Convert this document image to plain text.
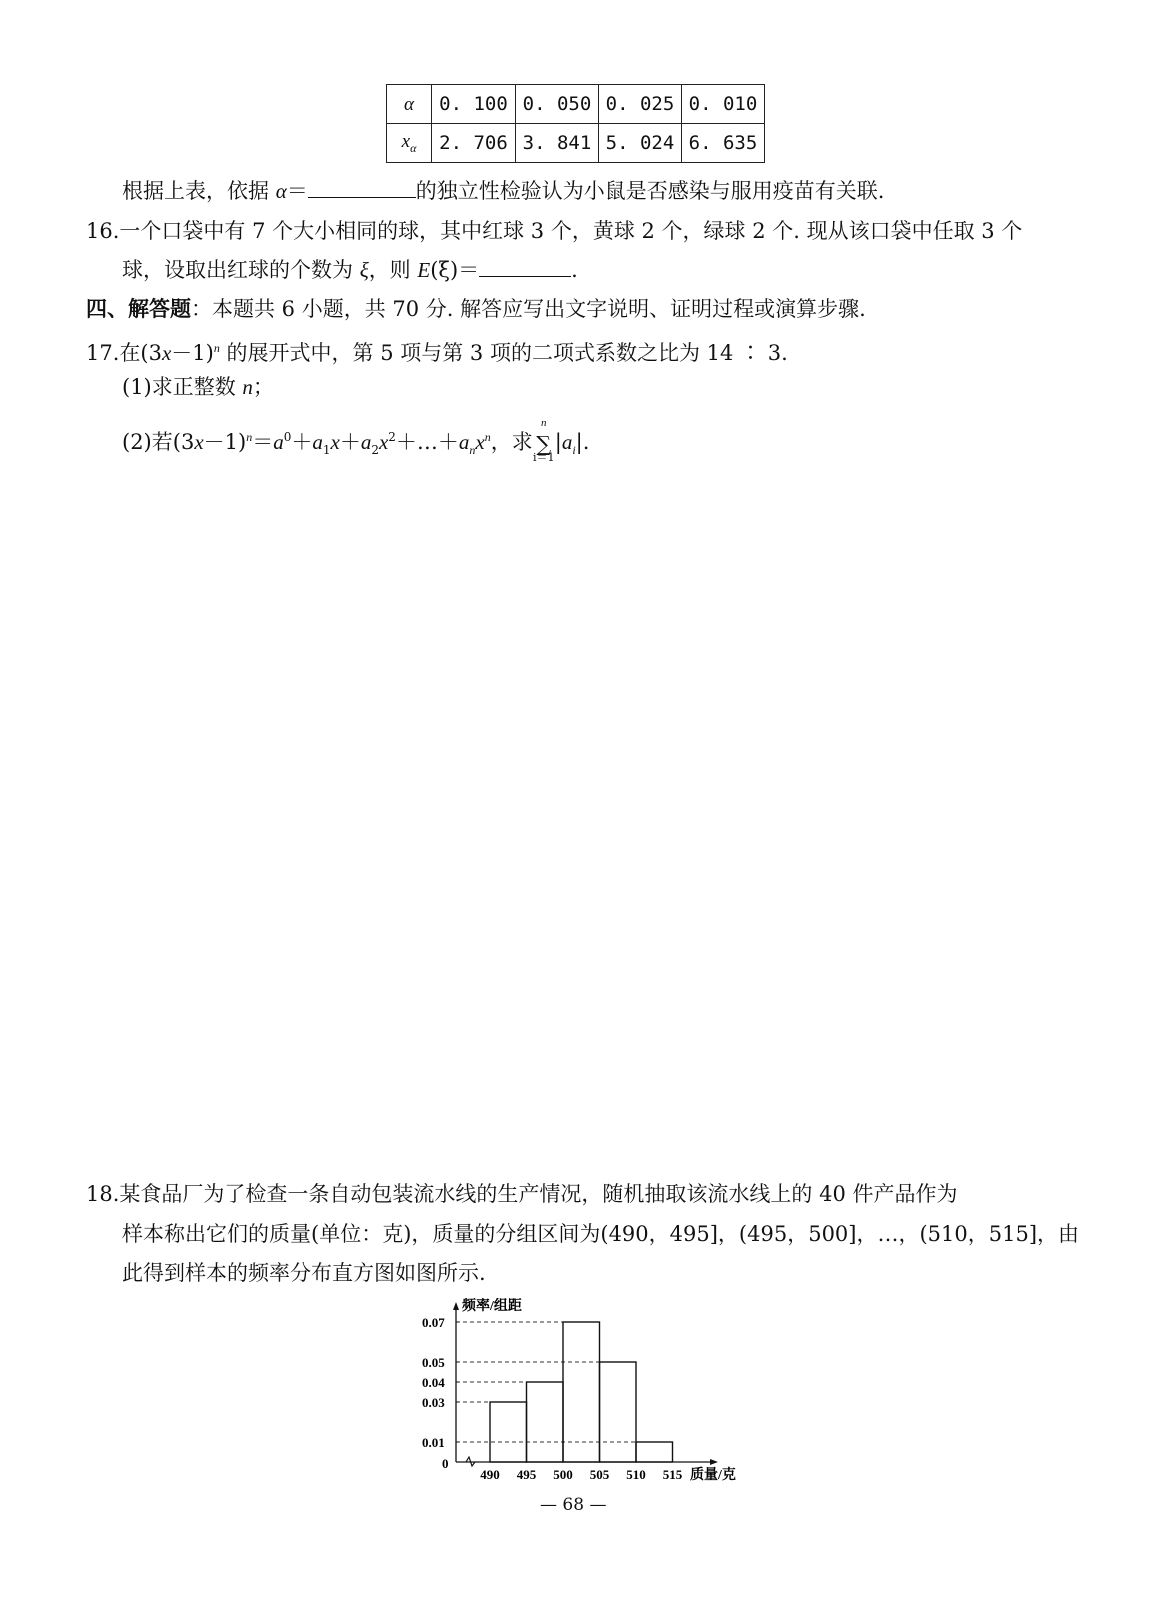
α	0. 100	0. 050	0. 025	0. 010
$x_\alpha$	2. 706	3. 841	5. 024	6. 635
根据上表，依据 α＝	的独立性检验认为小鼠是否感染与服用疫苗有关联.
16.一个口袋中有 7 个大小相同的球，其中红球 3 个，黄球 2 个，绿球 2 个. 现从该口袋中任取 3 个
球，设取出红球的个数为 ξ，则 E(ξ)＝	.
四、解答题：本题共 6 小题，共 70 分. 解答应写出文字说明、证明过程或演算步骤.
17.在$(3x-1)^n$ 的展开式中，第 5 项与第 3 项的二项式系数之比为 14 ∶ 3.
(1)求正整数 n；
(2)若$(3x-1)^n=a^0+a_1x+a_2x^2+\dots+a_nx^n$，求
n
∑
i＝1
$|a_i|$.
18.某食品厂为了检查一条自动包装流水线的生产情况，随机抽取该流水线上的 40 件产品作为
样本称出它们的质量(单位：克)，质量的分组区间为(490，495]，(495，500]，…，(510，515]，由
此得到样本的频率分布直方图如图所示.
频率/组距
质量/克
0
0.07
0.05
0.04
0.03
0.01
490 495 500 505 510 515
— 68 —
